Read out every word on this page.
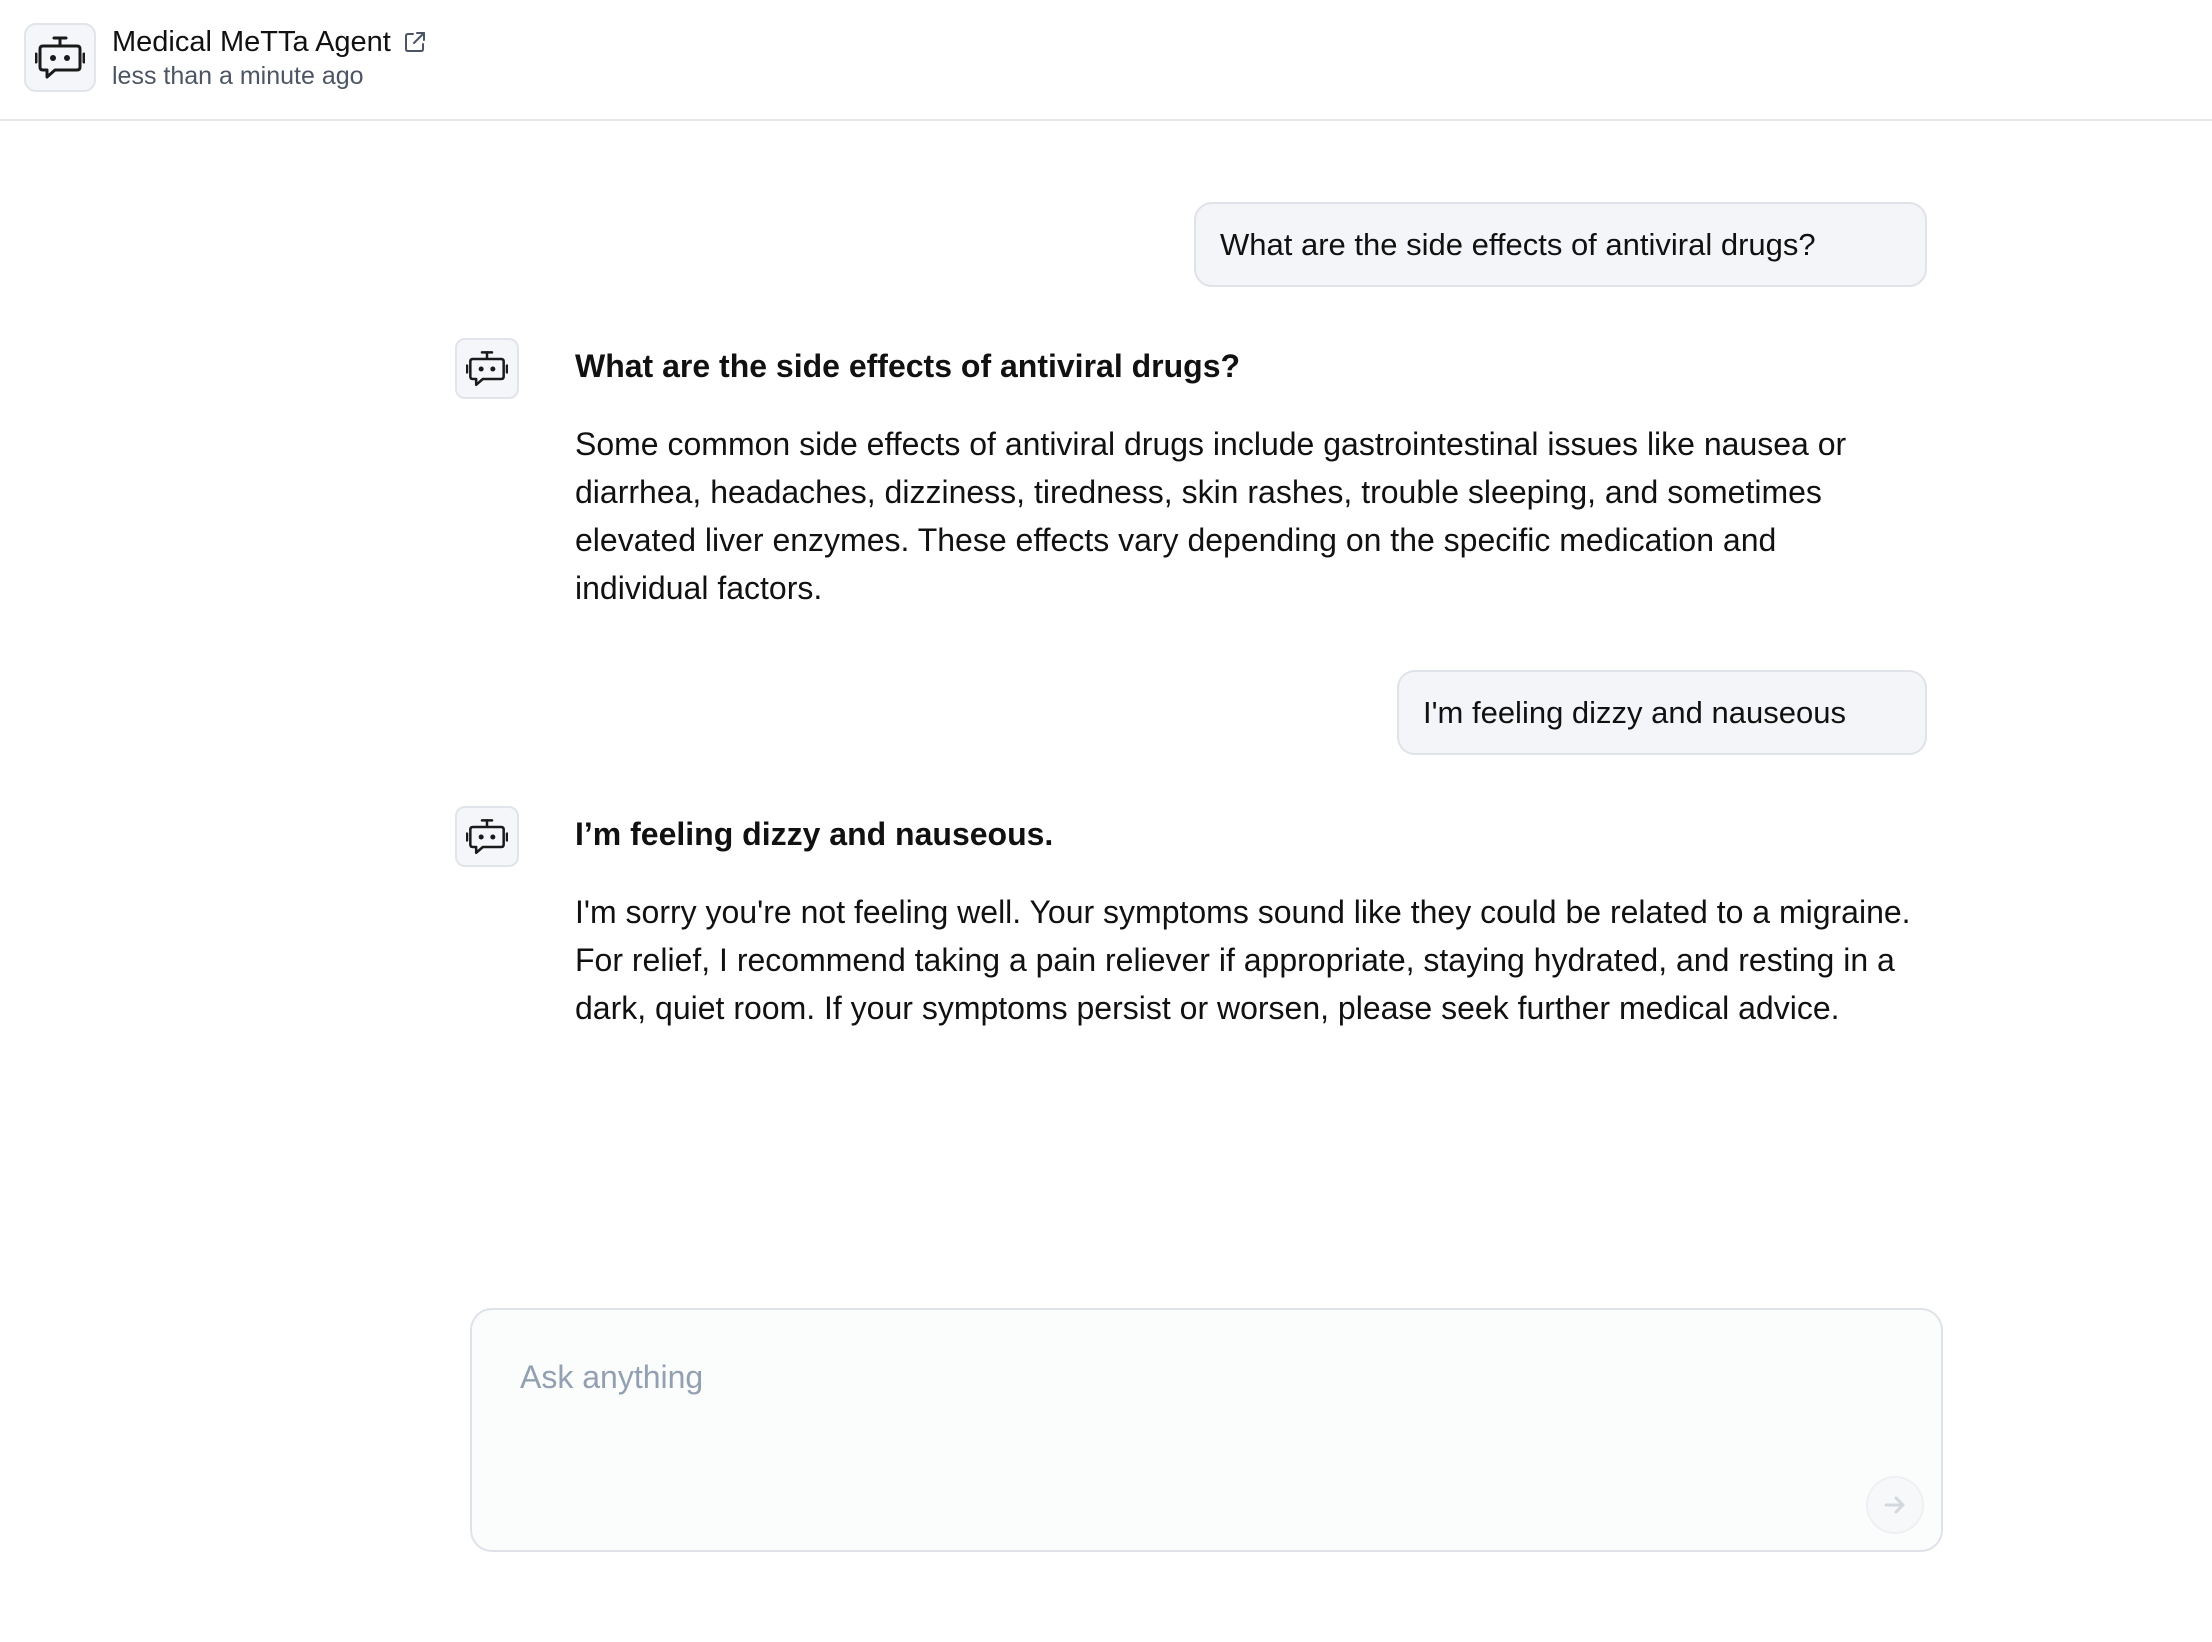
Medical MeTTa Agent
less than a minute ago
What are the side effects of antiviral drugs?
What are the side effects of antiviral drugs?
Some common side effects of antiviral drugs include gastrointestinal issues like nausea or diarrhea, headaches, dizziness, tiredness, skin rashes, trouble sleeping, and sometimes elevated liver enzymes. These effects vary depending on the specific medication and individual factors.
I'm feeling dizzy and nauseous
I’m feeling dizzy and nauseous.
I'm sorry you're not feeling well. Your symptoms sound like they could be related to a migraine. For relief, I recommend taking a pain reliever if appropriate, staying hydrated, and resting in a dark, quiet room. If your symptoms persist or worsen, please seek further medical advice.
Ask anything
